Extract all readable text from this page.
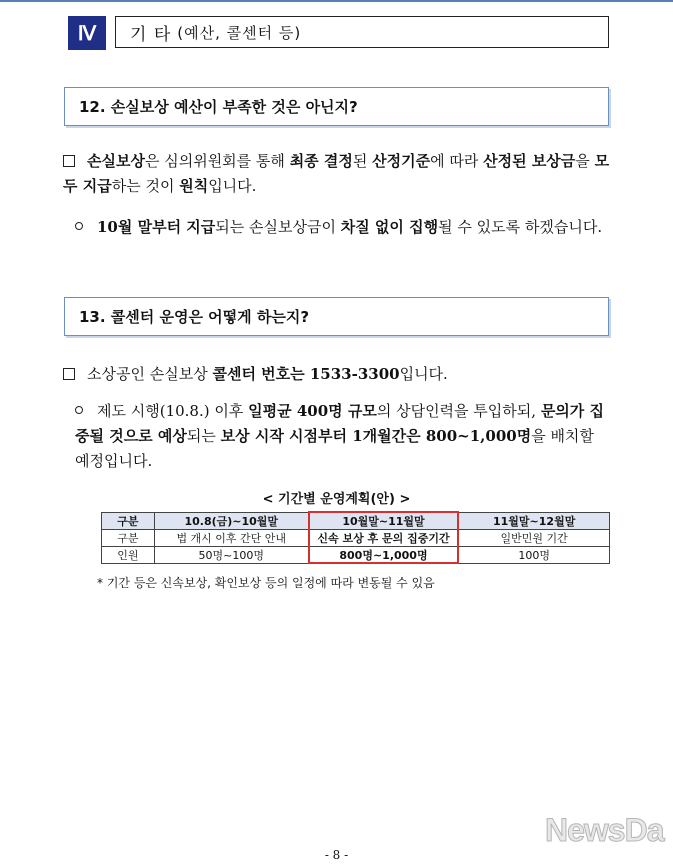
Ⅳ	기 타 (예산, 콜센터 등)
12. 손실보상 예산이 부족한 것은 아닌지?
손실보상은 심의위원회를 통해 최종 결정된 산정기준에 따라 산정된 보상금을 모두 지급하는 것이 원칙입니다.
10월 말부터 지급되는 손실보상금이 차질 없이 집행될 수 있도록 하겠습니다.
13. 콜센터 운영은 어떻게 하는지?
소상공인 손실보상 콜센터 번호는 1533-3300입니다.
제도 시행(10.8.) 이후 일평균 400명 규모의 상담인력을 투입하되, 문의가 집중될 것으로 예상되는 보상 시작 시점부터 1개월간은 800~1,000명을 배치할 예정입니다.
< 기간별 운영계획(안) >
구분	10.8(금)~10월말	10월말~11월말	11월말~12월말
구분	법 개시 이후 간단 안내	신속 보상 후 문의 집중기간	일반민원 기간
인원	50명~100명	800명~1,000명	100명
* 기간 등은 신속보상, 확인보상 등의 일정에 따라 변동될 수 있음
- 8 -
NewsDa
